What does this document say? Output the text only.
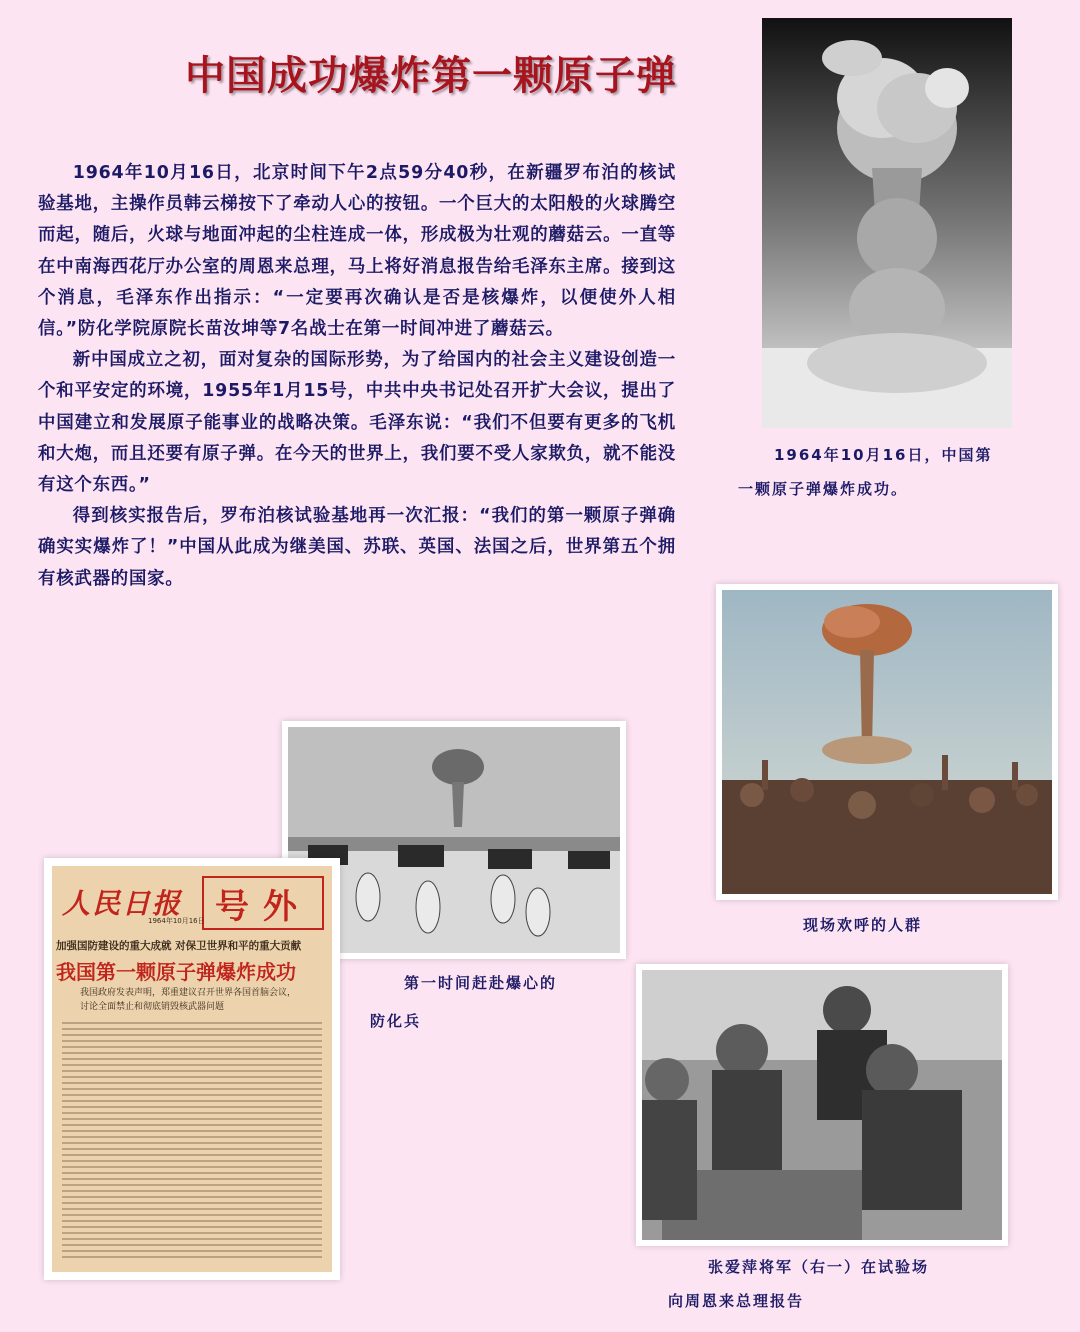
中国成功爆炸第一颗原子弹

1964年10月16日，北京时间下午2点59分40秒，在新疆罗布泊的核试验基地，主操作员韩云梯按下了牵动人心的按钮。一个巨大的太阳般的火球腾空而起，随后，火球与地面冲起的尘柱连成一体，形成极为壮观的蘑菇云。一直等在中南海西花厅办公室的周恩来总理，马上将好消息报告给毛泽东主席。接到这个消息，毛泽东作出指示：“一定要再次确认是否是核爆炸，以便使外人相信。”防化学院原院长苗汝坤等7名战士在第一时间冲进了蘑菇云。

新中国成立之初，面对复杂的国际形势，为了给国内的社会主义建设创造一个和平安定的环境，1955年1月15号，中共中央书记处召开扩大会议，提出了中国建立和发展原子能事业的战略决策。毛泽东说：“我们不但要有更多的飞机和大炮，而且还要有原子弹。在今天的世界上，我们要不受人家欺负，就不能没有这个东西。”

得到核实报告后，罗布泊核试验基地再一次汇报：“我们的第一颗原子弹确确实实爆炸了！”中国从此成为继美国、苏联、英国、法国之后，世界第五个拥有核武器的国家。

1964年10月16日，中国第
一颗原子弹爆炸成功。
现场欢呼的人群
第一时间赶赴爆心的
防化兵
人民日报 号外
1964年10月16日
加强国防建设的重大成就 对保卫世界和平的重大贡献
我国第一颗原子弹爆炸成功
我国政府发表声明，郑重建议召开世界各国首脑会议，
讨论全面禁止和彻底销毁核武器问题
张爱萍将军（右一）在试验场
向周恩来总理报告
